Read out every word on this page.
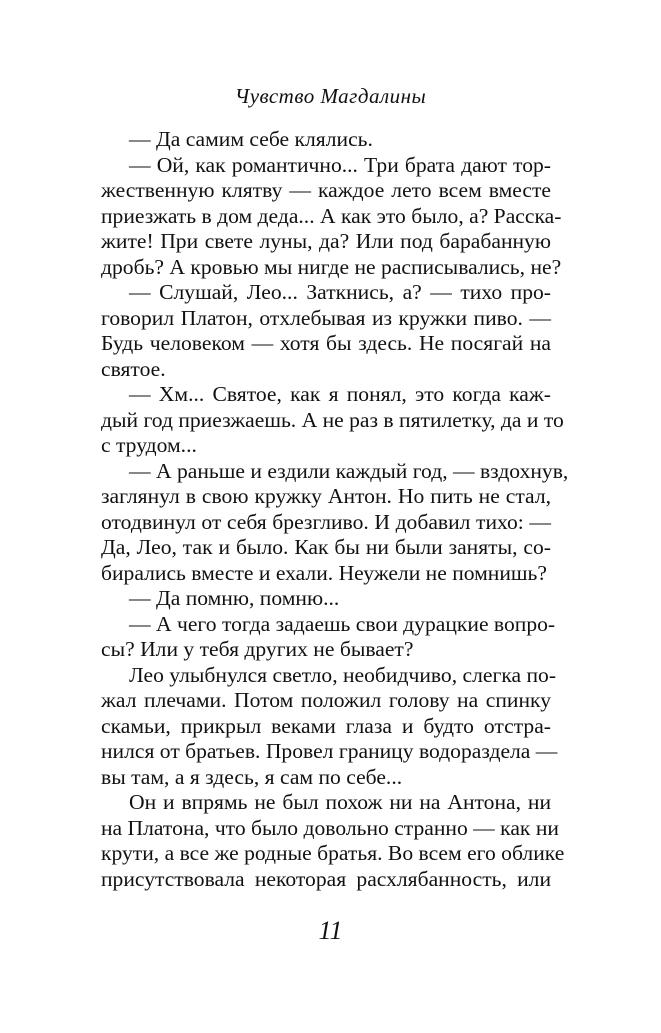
Чувство Магдалины
— Да самим себе клялись.
— Ой, как романтично... Три брата дают тор-
жественную клятву — каждое лето всем вместе
приезжать в дом деда... А как это было, а? Расска-
жите! При свете луны, да? Или под барабанную
дробь? А кровью мы нигде не расписывались, не?
— Слушай, Лео... Заткнись, а? — тихо про-
говорил Платон, отхлебывая из кружки пиво. —
Будь человеком — хотя бы здесь. Не посягай на
святое.
— Хм... Святое, как я понял, это когда каж-
дый год приезжаешь. А не раз в пятилетку, да и то
с трудом...
— А раньше и ездили каждый год, — вздохнув,
заглянул в свою кружку Антон. Но пить не стал,
отодвинул от себя брезгливо. И добавил тихо: —
Да, Лео, так и было. Как бы ни были заняты, со-
бирались вместе и ехали. Неужели не помнишь?
— Да помню, помню...
— А чего тогда задаешь свои дурацкие вопро-
сы? Или у тебя других не бывает?
Лео улыбнулся светло, необидчиво, слегка по-
жал плечами. Потом положил голову на спинку
скамьи, прикрыл веками глаза и будто отстра-
нился от братьев. Провел границу водораздела —
вы там, а я здесь, я сам по себе...
Он и впрямь не был похож ни на Антона, ни
на Платона, что было довольно странно — как ни
крути, а все же родные братья. Во всем его облике
присутствовала некоторая расхлябанность, или
11
